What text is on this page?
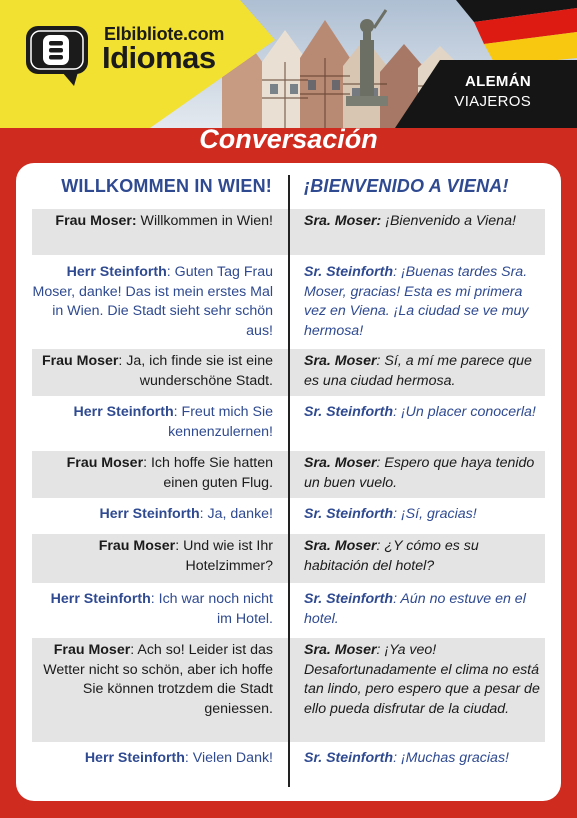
Elbibliote.com
Idiomas
ALEMÁN
VIAJEROS
Conversación
WILLKOMMEN IN WIEN! ¡BIENVENIDO A VIENA!
Frau Moser: Willkommen in Wien! Sra. Moser: ¡Bienvenido a Viena!
Herr Steinforth: Guten Tag Frau Moser, danke! Das ist mein erstes Mal in Wien. Die Stadt sieht sehr schön aus!
Sr. Steinforth: ¡Buenas tardes Sra. Moser, gracias! Esta es mi primera vez en Viena. ¡La ciudad se ve muy hermosa!
Frau Moser: Ja, ich finde sie ist eine wunderschöne Stadt.
Sra. Moser: Sí, a mí me parece que es una ciudad hermosa.
Herr Steinforth: Freut mich Sie kennenzulernen!
Sr. Steinforth: ¡Un placer conocerla!
Frau Moser: Ich hoffe Sie hatten einen guten Flug.
Sra. Moser: Espero que haya tenido un buen vuelo.
Herr Steinforth: Ja, danke! Sr. Steinforth: ¡Sí, gracias!
Frau Moser: Und wie ist Ihr Hotelzimmer?
Sra. Moser: ¿Y cómo es su habitación del hotel?
Herr Steinforth: Ich war noch nicht im Hotel.
Sr. Steinforth: Aún no estuve en el hotel.
Frau Moser: Ach so! Leider ist das Wetter nicht so schön, aber ich hoffe Sie können trotzdem die Stadt geniessen.
Sra. Moser: ¡Ya veo! Desafortunadamente el clima no está tan lindo, pero espero que a pesar de ello pueda disfrutar de la ciudad.
Herr Steinforth: Vielen Dank! Sr. Steinforth: ¡Muchas gracias!
